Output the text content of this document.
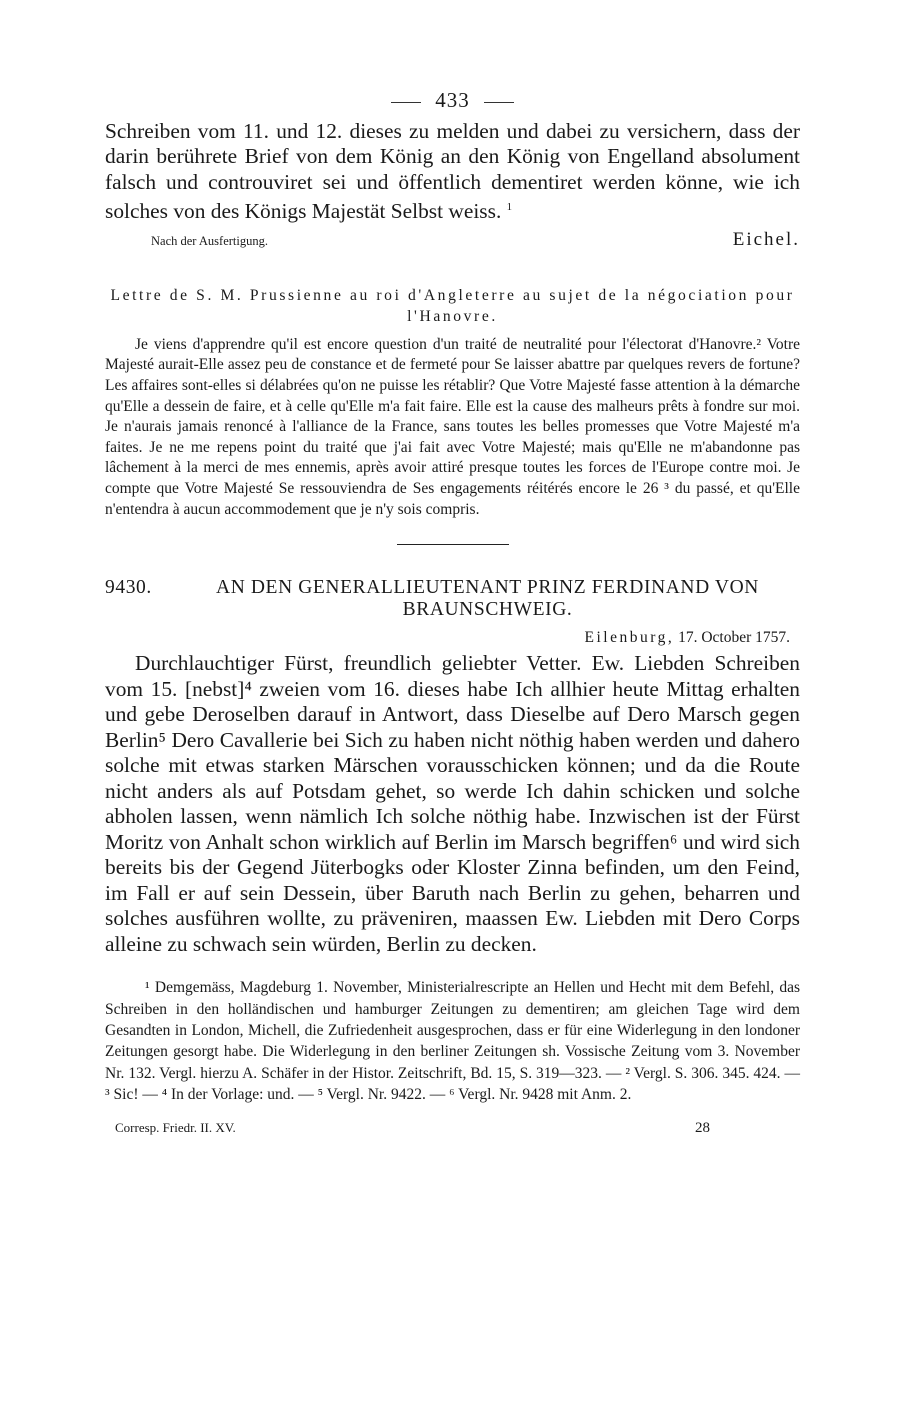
433

Schreiben vom 11. und 12. dieses zu melden und dabei zu versichern, dass der darin berührete Brief von dem König an den König von Engelland absolument falsch und controuviret sei und öffentlich dementiret werden könne, wie ich solches von des Königs Majestät Selbst weiss. $^1$

Nach der Ausfertigung.	Eichel.
Lettre de S. M. Prussienne au roi d'Angleterre au sujet de la négociation pour l'Hanovre.

Je viens d'apprendre qu'il est encore question d'un traité de neutralité pour l'électorat d'Hanovre.² Votre Majesté aurait-Elle assez peu de constance et de fermeté pour Se laisser abattre par quelques revers de fortune? Les affaires sont-elles si délabrées qu'on ne puisse les rétablir? Que Votre Majesté fasse attention à la démarche qu'Elle a dessein de faire, et à celle qu'Elle m'a fait faire. Elle est la cause des malheurs prêts à fondre sur moi. Je n'aurais jamais renoncé à l'alliance de la France, sans toutes les belles promesses que Votre Majesté m'a faites. Je ne me repens point du traité que j'ai fait avec Votre Majesté; mais qu'Elle ne m'abandonne pas lâchement à la merci de mes ennemis, après avoir attiré presque toutes les forces de l'Europe contre moi. Je compte que Votre Majesté Se ressouviendra de Ses engagements réitérés encore le 26 ³ du passé, et qu'Elle n'entendra à aucun accommodement que je n'y sois compris.

9430.	AN DEN GENERALLIEUTENANT PRINZ FERDINAND VON BRAUNSCHWEIG.
Eilenburg, 17. October 1757.

Durchlauchtiger Fürst, freundlich geliebter Vetter. Ew. Liebden Schreiben vom 15. [nebst]⁴ zweien vom 16. dieses habe Ich allhier heute Mittag erhalten und gebe Deroselben darauf in Antwort, dass Dieselbe auf Dero Marsch gegen Berlin⁵ Dero Cavallerie bei Sich zu haben nicht nöthig haben werden und dahero solche mit etwas starken Märschen vorausschicken können; und da die Route nicht anders als auf Potsdam gehet, so werde Ich dahin schicken und solche abholen lassen, wenn nämlich Ich solche nöthig habe. Inzwischen ist der Fürst Moritz von Anhalt schon wirklich auf Berlin im Marsch begriffen⁶ und wird sich bereits bis der Gegend Jüterbogks oder Kloster Zinna befinden, um den Feind, im Fall er auf sein Dessein, über Baruth nach Berlin zu gehen, beharren und solches ausführen wollte, zu präveniren, maassen Ew. Liebden mit Dero Corps alleine zu schwach sein würden, Berlin zu decken.

¹ Demgemäss, Magdeburg 1. November, Ministerialrescripte an Hellen und Hecht mit dem Befehl, das Schreiben in den holländischen und hamburger Zeitungen zu dementiren; am gleichen Tage wird dem Gesandten in London, Michell, die Zufriedenheit ausgesprochen, dass er für eine Widerlegung in den londoner Zeitungen gesorgt habe. Die Widerlegung in den berliner Zeitungen sh. Vossische Zeitung vom 3. November Nr. 132. Vergl. hierzu A. Schäfer in der Histor. Zeitschrift, Bd. 15, S. 319—323. — ² Vergl. S. 306. 345. 424. — ³ Sic! — ⁴ In der Vorlage: und. — ⁵ Vergl. Nr. 9422. — ⁶ Vergl. Nr. 9428 mit Anm. 2.

Corresp. Friedr. II. XV.	28
